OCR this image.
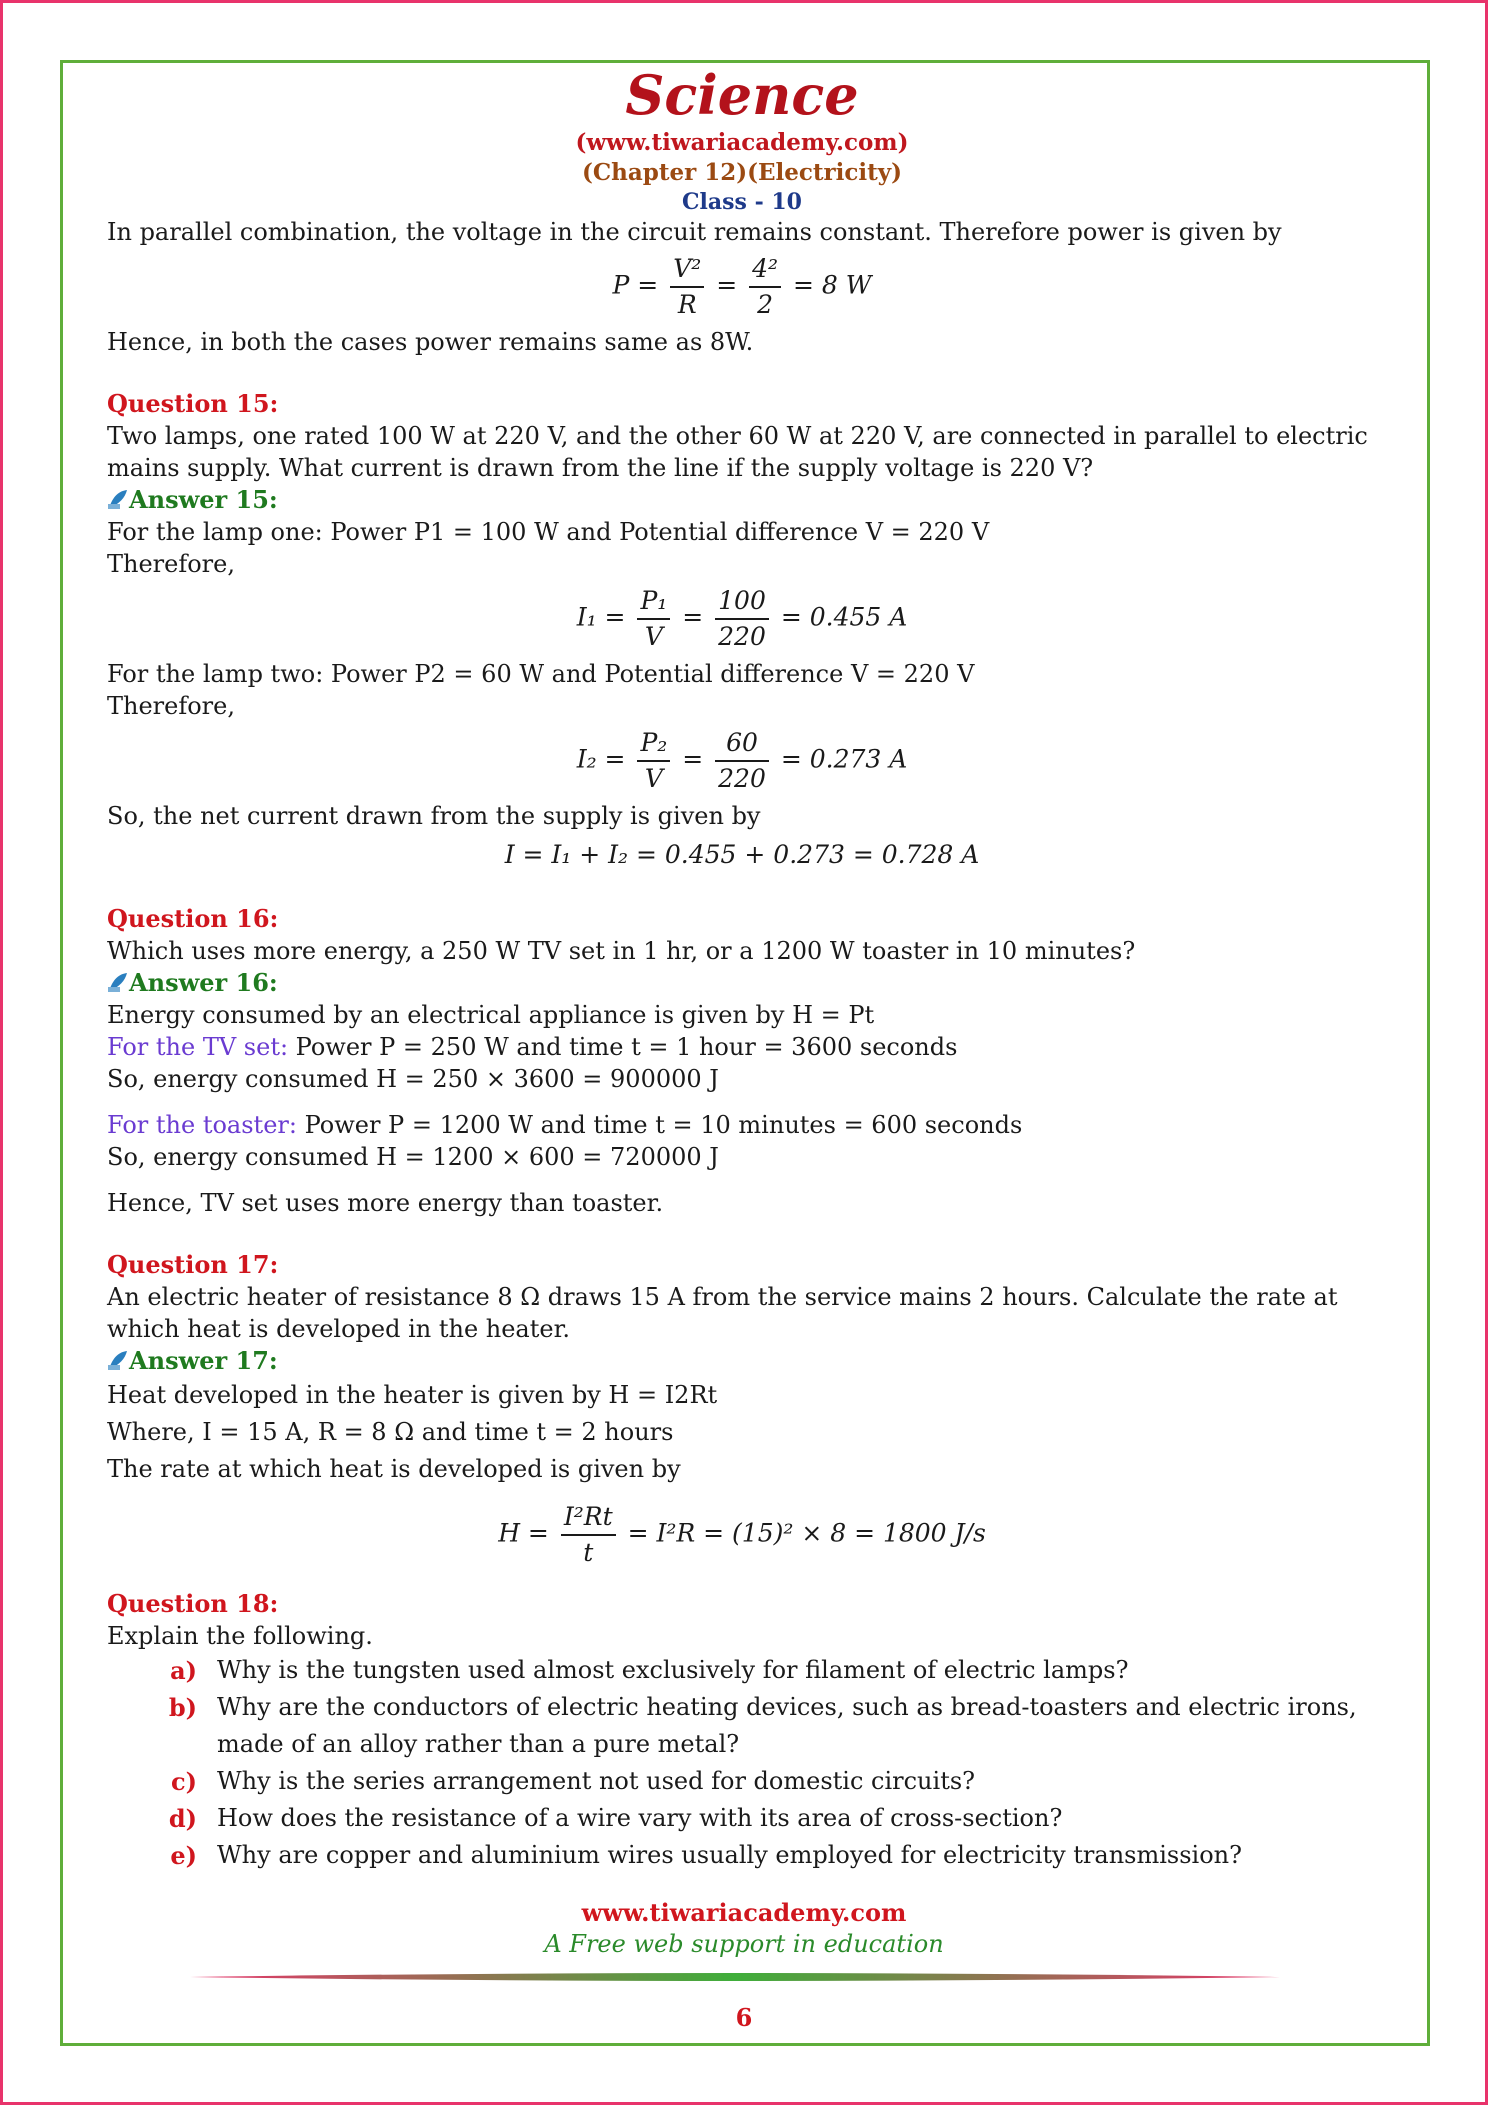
Science
(www.tiwariacademy.com)
(Chapter 12)(Electricity)
Class - 10

In parallel combination, the voltage in the circuit remains constant. Therefore power is given by

$P = \frac{\text{V²}}{R} = \frac{\text{4²}}{2} = 8$ W

Hence, in both the cases power remains same as 8W.

Question 15:

Two lamps, one rated 100 W at 220 V, and the other 60 W at 220 V, are connected in parallel to electric mains supply. What current is drawn from the line if the supply voltage is 220 V?

Answer 15:

For the lamp one: Power P1 = 100 W and Potential difference V = 220 V

Therefore,

$I_1 = \frac{\text{P₁}}{V} = \frac{100}{220} = 0.455$ A

For the lamp two: Power P2 = 60 W and Potential difference V = 220 V

Therefore,

$I_2 = \frac{\text{P₂}}{V} = \frac{60}{220} = 0.273$ A

So, the net current drawn from the supply is given by

I = I₁ + I₂ = 0.455 + 0.273 = 0.728 A

Question 16:

Which uses more energy, a 250 W TV set in 1 hr, or a 1200 W toaster in 10 minutes?

Answer 16:

Energy consumed by an electrical appliance is given by H = Pt

For the TV set: Power P = 250 W and time t = 1 hour = 3600 seconds

So, energy consumed H = 250 × 3600 = 900000 J

For the toaster: Power P = 1200 W and time t = 10 minutes = 600 seconds

So, energy consumed H = 1200 × 600 = 720000 J

Hence, TV set uses more energy than toaster.

Question 17:

An electric heater of resistance 8 Ω draws 15 A from the service mains 2 hours. Calculate the rate at which heat is developed in the heater.

Answer 17:

Heat developed in the heater is given by H = I2Rt

Where, I = 15 A, R = 8 Ω and time t = 2 hours

The rate at which heat is developed is given by

$H = \frac{\text{I²Rt}}{t} = I^2R = (15)^2 \times 8 = 1800$ J/s

Question 18:

Explain the following.

a) Why is the tungsten used almost exclusively for filament of electric lamps?
b) Why are the conductors of electric heating devices, such as bread-toasters and electric irons, made of an alloy rather than a pure metal?
c) Why is the series arrangement not used for domestic circuits?
d) How does the resistance of a wire vary with its area of cross-section?
e) Why are copper and aluminium wires usually employed for electricity transmission?
www.tiwariacademy.com
A Free web support in education
6
